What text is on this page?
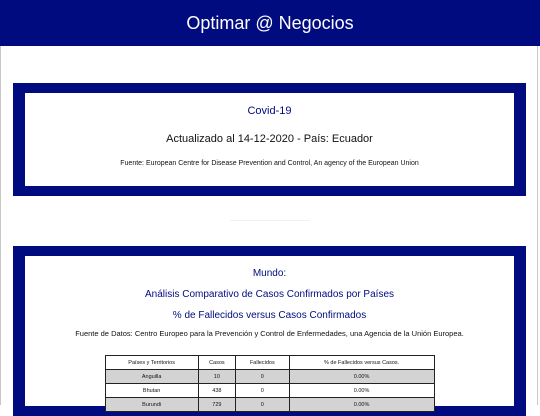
Optimar @ Negocios
Covid-19
Actualizado al 14-12-2020 - País: Ecuador
Fuente: European Centre for Disease Prevention and Control, An agency of the European Union
Mundo:
Análisis Comparativo de Casos Confirmados por Países
% de Fallecidos versus Casos Confirmados
Fuente de Datos: Centro Europeo para la Prevención y Control de Enfermedades, una Agencia de la Unión Europea.
Países y Territorios	Casos	Fallecidos	% de Fallecidos versus Casos.
Anguilla	10	0	0.00%
Bhutan	438	0	0.00%
Burundi	729	0	0.00%
